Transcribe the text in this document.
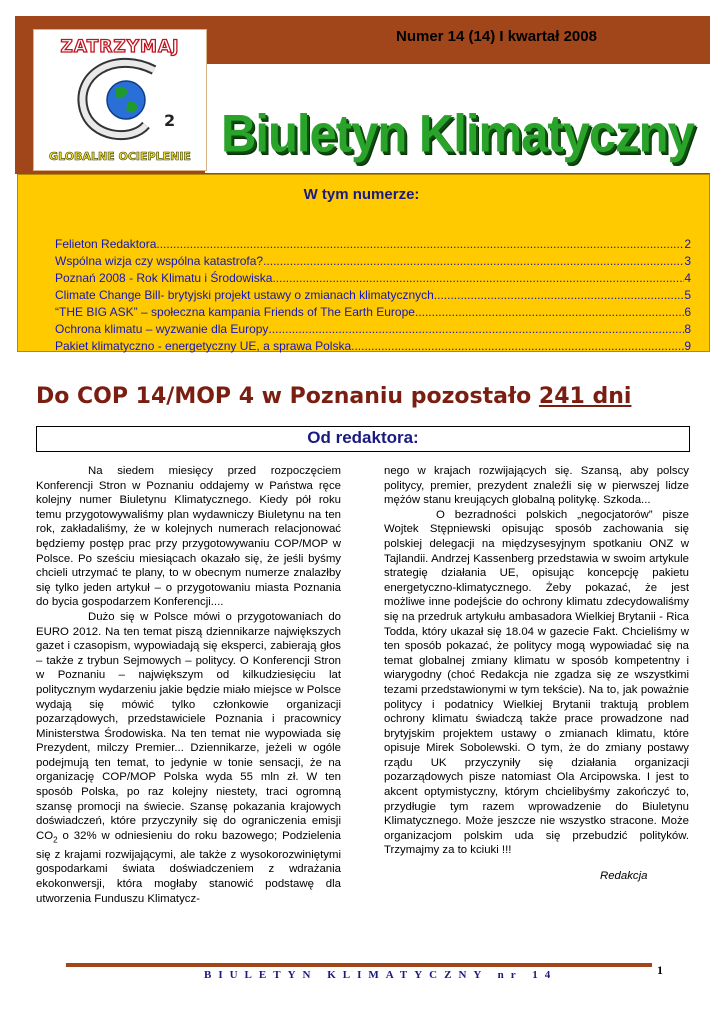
ZATRZYMAJ
2
GLOBALNE OCIEPLENIE
Numer 14 (14) I kwartał 2008
Biuletyn Klimatyczny
W tym numerze:
Felieton Redaktora .....	2
Wspólna wizja czy wspólna katastrofa? .....	3
Poznań 2008 - Rok Klimatu i Środowiska .....	4
Climate Change Bill- brytyjski projekt ustawy o zmianach klimatycznych .....	5
“THE BIG ASK” – społeczna kampania Friends of The Earth Europe .....	6
Ochrona klimatu – wyzwanie dla Europy .....	8
Pakiet klimatyczno - energetyczny UE, a sprawa Polska .....	9
Do COP 14/MOP 4 w Poznaniu pozostało 241 dni
Od redaktora:

Na siedem miesięcy przed rozpoczęciem Konferencji Stron w Poznaniu oddajemy w Państwa ręce kolejny numer Biuletynu Klimatycznego. Kiedy pół roku temu przygotowywaliśmy plan wydawniczy Biuletynu na ten rok, zakładaliśmy, że w kolejnych numerach relacjonować będziemy postęp prac przy przygotowywaniu COP/MOP w Polsce. Po sześciu miesiącach okazało się, że jeśli byśmy chcieli utrzymać te plany, to w obecnym numerze znalazłby się tylko jeden artykuł – o przygotowaniu miasta Poznania do bycia gospodarzem Konferencji....

Dużo się w Polsce mówi o przygotowaniach do EURO 2012. Na ten temat piszą dziennikarze największych gazet i czasopism, wypowiadają się eksperci, zabierają głos – także z trybun Sejmowych – politycy. O Konferencji Stron w Poznaniu – największym od kilkudziesięciu lat politycznym wydarzeniu jakie będzie miało miejsce w Polsce wydają się mówić tylko członkowie organizacji pozarządowych, przedstawiciele Poznania i pracownicy Ministerstwa Środowiska. Na ten temat nie wypowiada się Prezydent, milczy Premier... Dziennikarze, jeżeli w ogóle podejmują ten temat, to jedynie w tonie sensacji, że na organizację COP/MOP Polska wyda 55 mln zł. W ten sposób Polska, po raz kolejny niestety, traci ogromną szansę promocji na świecie. Szansę pokazania krajowych doświadczeń, które przyczyniły się do ograniczenia emisji $CO_2$ o 32% w odniesieniu do roku bazowego; Podzielenia się z krajami rozwijającymi, ale także z wysokorozwiniętymi gospodarkami świata doświadczeniem z wdrażania ekokonwersji, która mogłaby stanowić podstawę dla utworzenia Funduszu Klimatycz-

nego w krajach rozwijających się. Szansą, aby polscy politycy, premier, prezydent znaleźli się w pierwszej lidze mężów stanu kreujących globalną politykę. Szkoda...

O bezradności polskich „negocjatorów” pisze Wojtek Stępniewski opisując sposób zachowania się polskiej delegacji na międzysesyjnym spotkaniu ONZ w Tajlandii. Andrzej Kassenberg przedstawia w swoim artykule strategię działania UE, opisując koncepcję pakietu energetyczno-klimatycznego. Żeby pokazać, że jest możliwe inne podejście do ochrony klimatu zdecydowaliśmy się na przedruk artykułu ambasadora Wielkiej Brytanii - Rica Todda, który ukazał się 18.04 w gazecie Fakt. Chcieliśmy w ten sposób pokazać, że politycy mogą wypowiadać się na temat globalnej zmiany klimatu w sposób kompetentny i wiarygodny (choć Redakcja nie zgadza się ze wszystkimi tezami przedstawionymi w tym tekście). Na to, jak poważnie politycy i podatnicy Wielkiej Brytanii traktują problem ochrony klimatu świadczą także prace prowadzone nad brytyjskim projektem ustawy o zmianach klimatu, które opisuje Mirek Sobolewski. O tym, że do zmiany postawy rządu UK przyczyniły się działania organizacji pozarządowych pisze natomiast Ola Arcipowska. I jest to akcent optymistyczny, którym chcielibyśmy zakończyć to, przydługie tym razem wprowadzenie do Biuletynu Klimatycznego. Może jeszcze nie wszystko stracone. Może organizacjom polskim uda się przebudzić polityków. Trzymajmy za to kciuki !!!

Redakcja
BIULETYN KLIMATYCZNY nr 14	1
